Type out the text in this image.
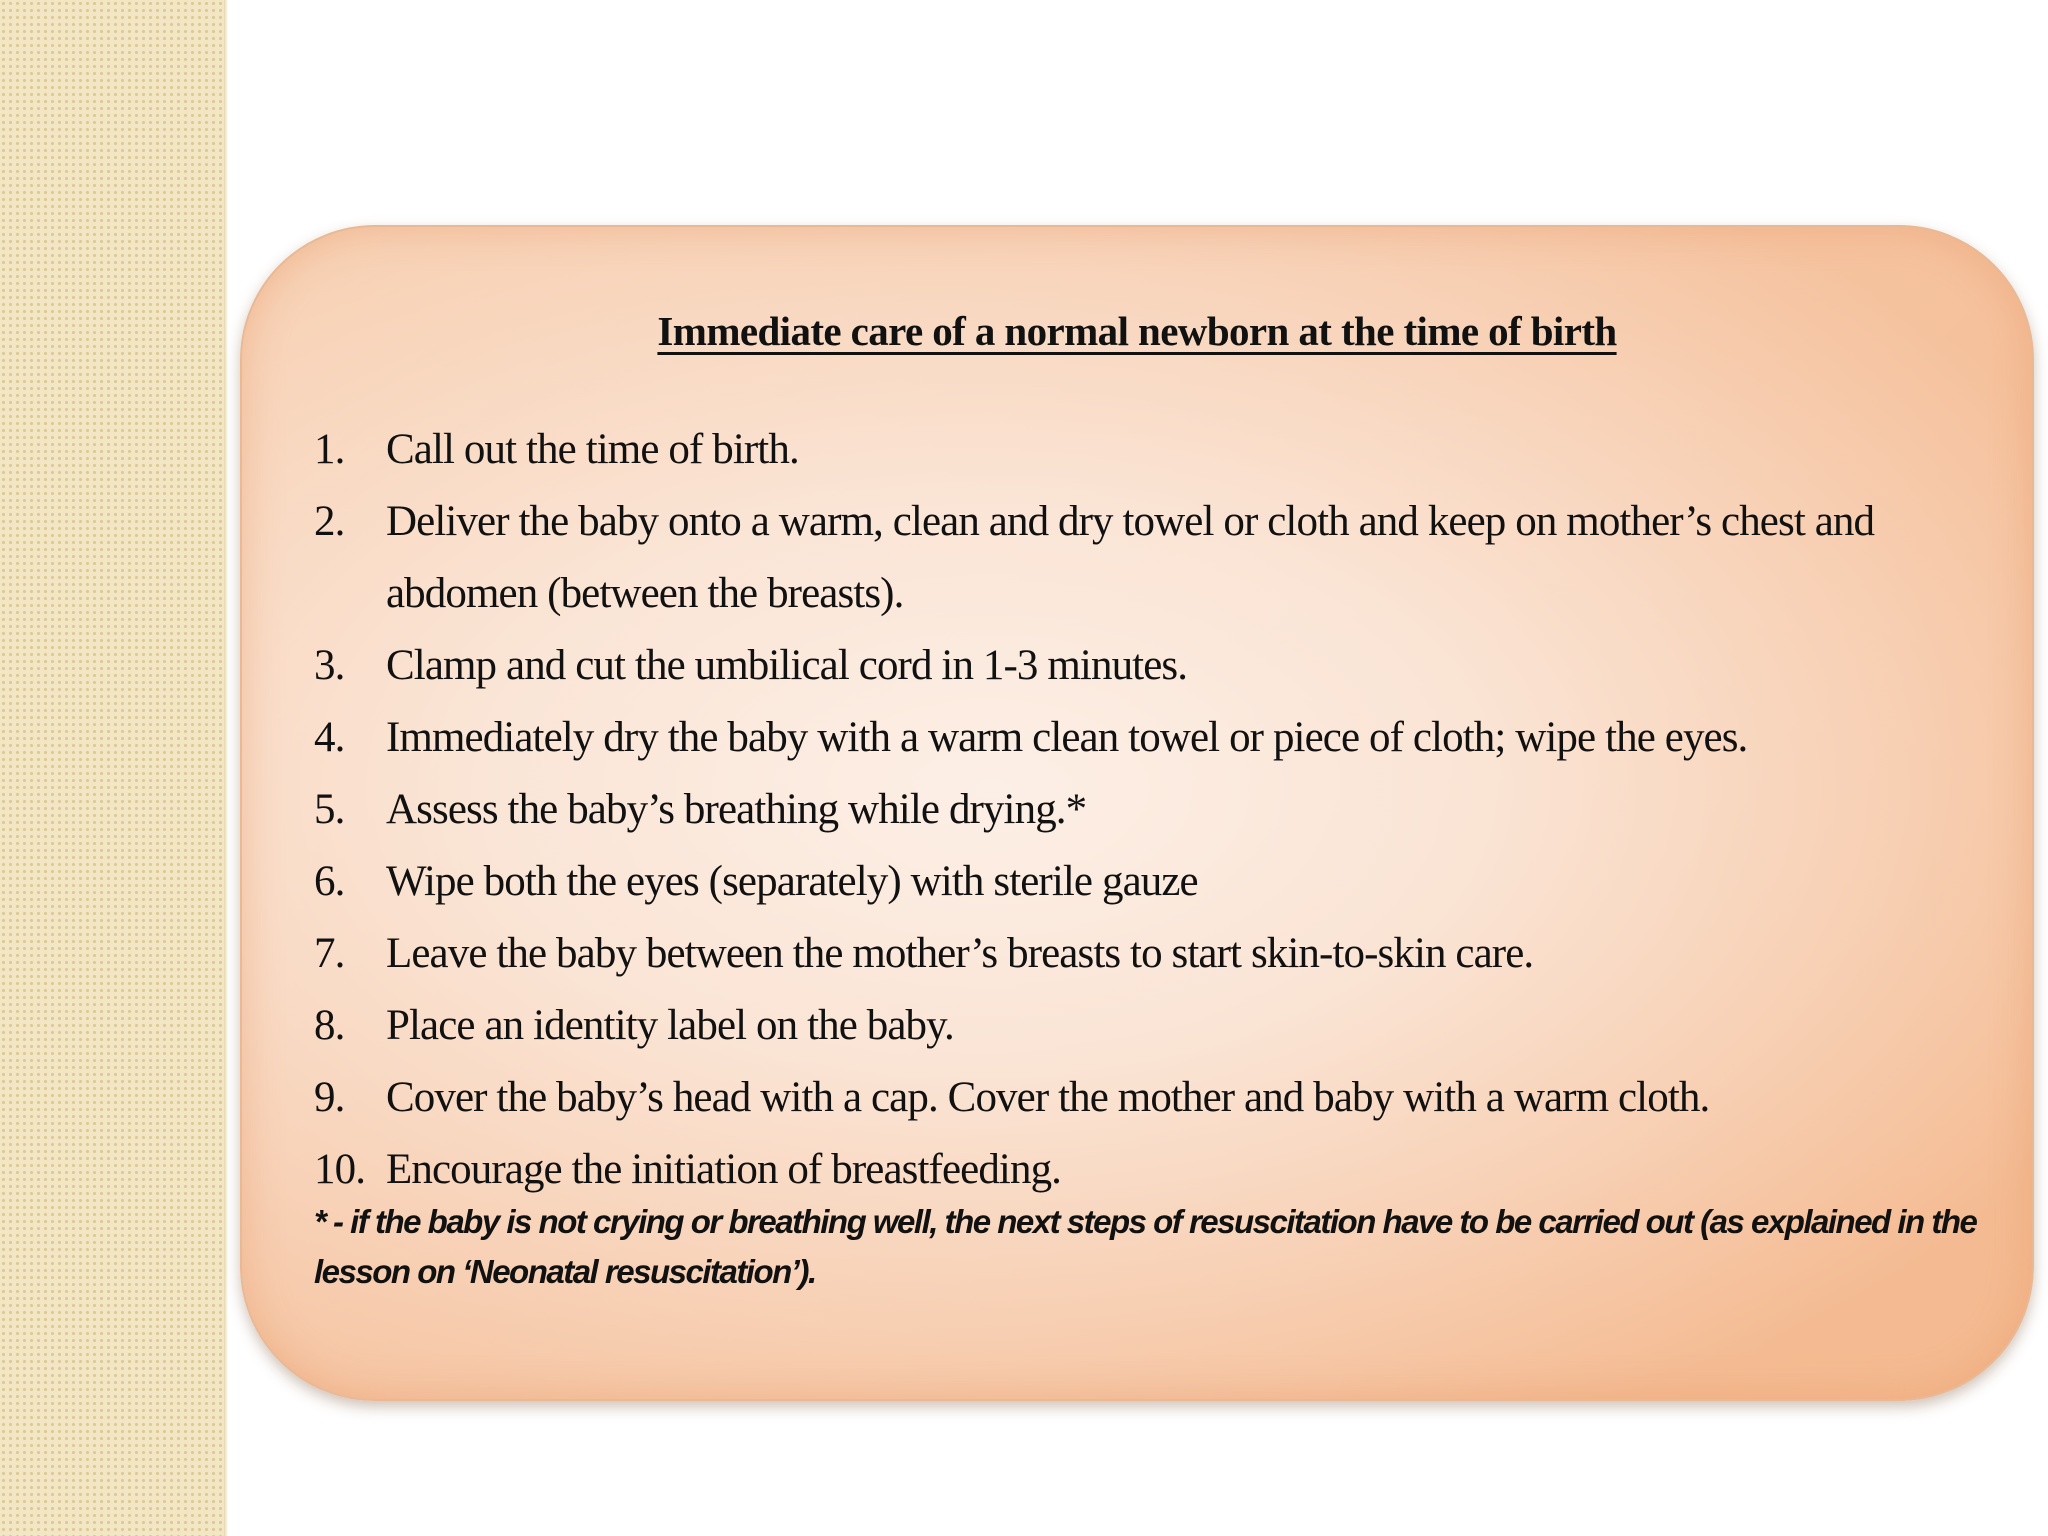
Immediate care of a normal newborn at the time of birth
1. Call out the time of birth.
2. Deliver the baby onto a warm, clean and dry towel or cloth and keep on mother’s chest and abdomen (between the breasts).
3. Clamp and cut the umbilical cord in 1-3 minutes.
4. Immediately dry the baby with a warm clean towel or piece of cloth; wipe the eyes.
5. Assess the baby’s breathing while drying.*
6. Wipe both the eyes (separately) with sterile gauze
7. Leave the baby between the mother’s breasts to start skin-to-skin care.
8. Place an identity label on the baby.
9. Cover the baby’s head with a cap. Cover the mother and baby with a warm cloth.
10. Encourage the initiation of breastfeeding.

* - if the baby is not crying or breathing well, the next steps of resuscitation have to be carried out (as explained in the lesson on ‘Neonatal resuscitation’).
